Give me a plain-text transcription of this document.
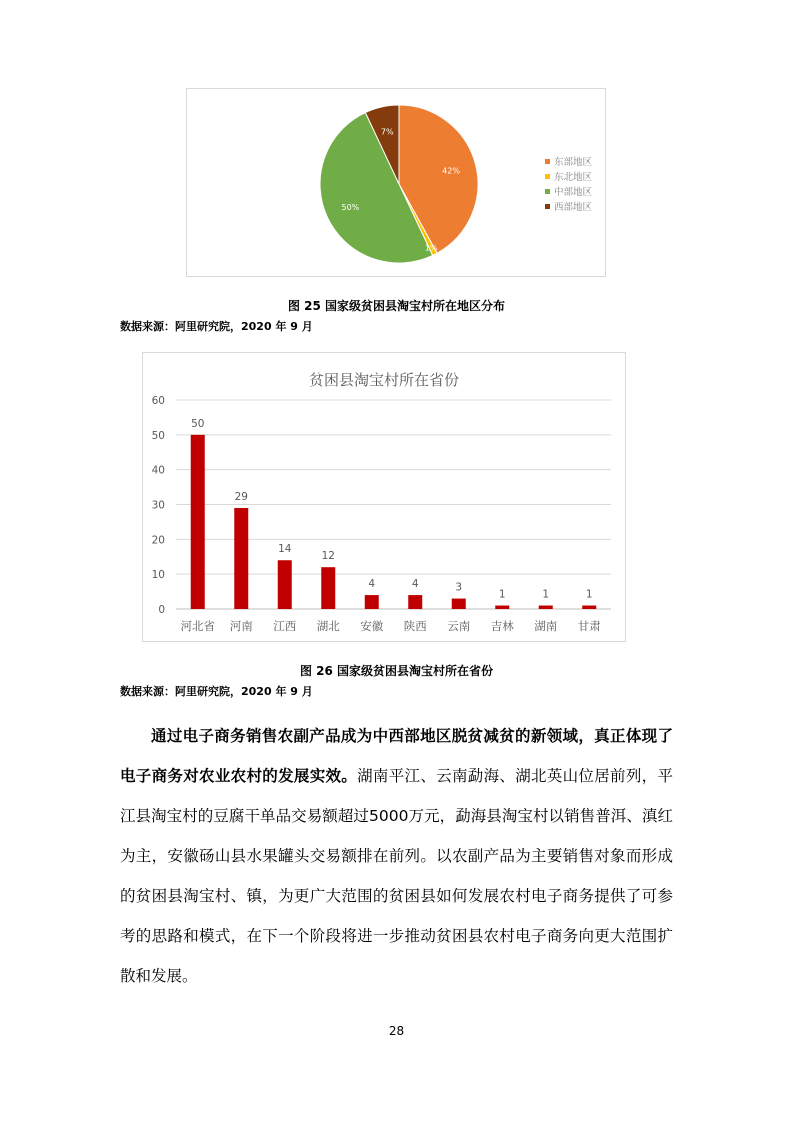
42%
1%
50%
7%
东部地区
东北地区
中部地区
西部地区
图 25 国家级贫困县淘宝村所在地区分布
数据来源：阿里研究院，2020 年 9 月
贫困县淘宝村所在省份
50
29
14
12
4	4	3
1	1	1
河北省 河南 江西 湖北 安徽 陕西 云南 吉林 湖南 甘肃
0
10
20
30
40
50
60
图 26 国家级贫困县淘宝村所在省份
数据来源：阿里研究院，2020 年 9 月

通过电子商务销售农副产品成为中西部地区脱贫减贫的新领域，真正体现了电子商务对农业农村的发展实效。湖南平江、云南勐海、湖北英山位居前列，平江县淘宝村的豆腐干单品交易额超过5000万元，勐海县淘宝村以销售普洱、滇红为主，安徽砀山县水果罐头交易额排在前列。以农副产品为主要销售对象而形成的贫困县淘宝村、镇，为更广大范围的贫困县如何发展农村电子商务提供了可参考的思路和模式，在下一个阶段将进一步推动贫困县农村电子商务向更大范围扩散和发展。

28
